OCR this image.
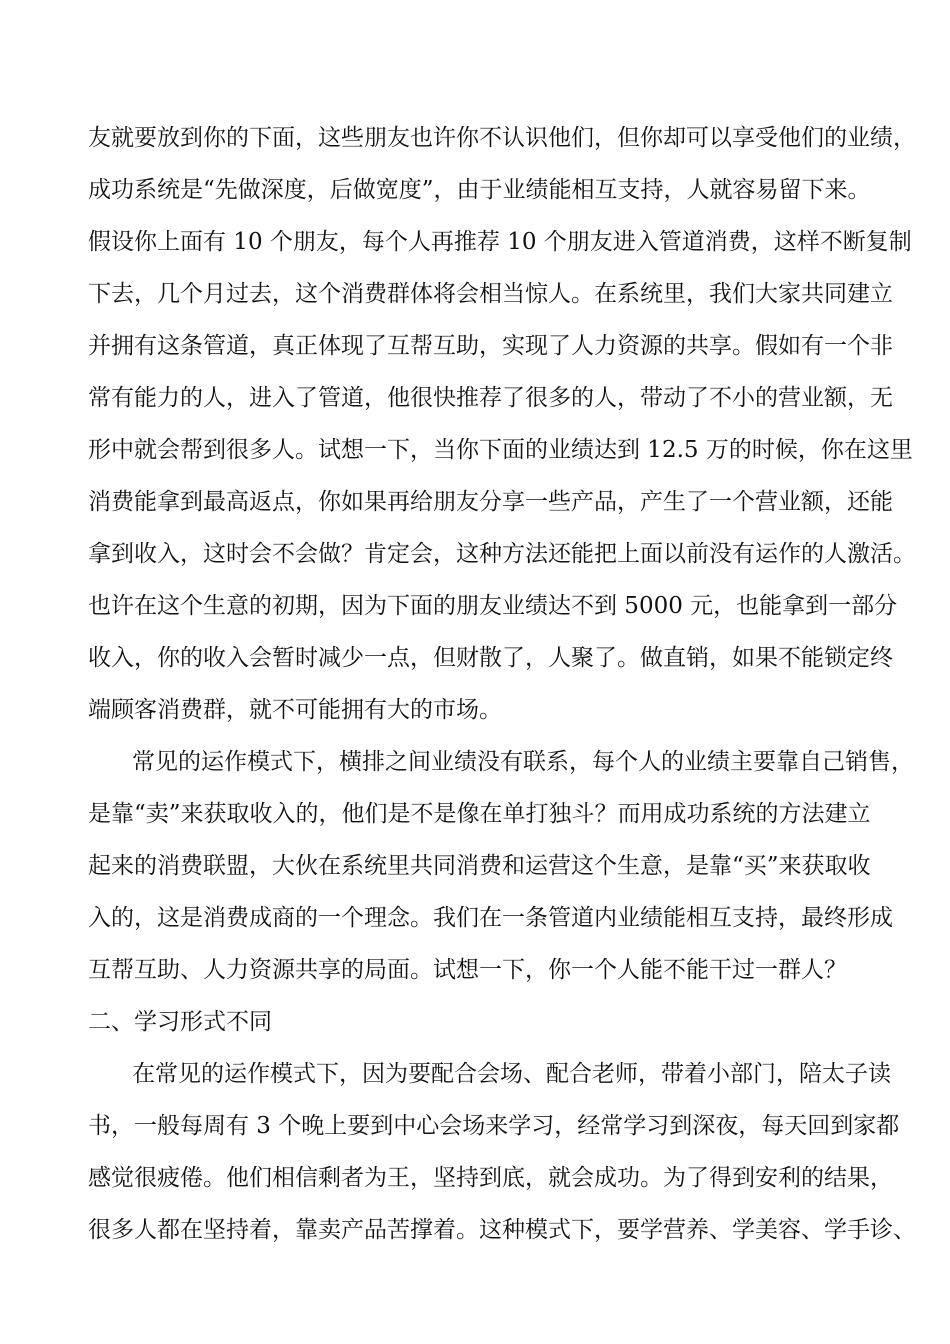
友就要放到你的下面，这些朋友也许你不认识他们，但你却可以享受他们的业绩，
成功系统是“先做深度，后做宽度”，由于业绩能相互支持，人就容易留下来。
假设你上面有 10 个朋友，每个人再推荐 10 个朋友进入管道消费，这样不断复制
下去，几个月过去，这个消费群体将会相当惊人。在系统里，我们大家共同建立
并拥有这条管道，真正体现了互帮互助，实现了人力资源的共享。假如有一个非
常有能力的人，进入了管道，他很快推荐了很多的人，带动了不小的营业额，无
形中就会帮到很多人。试想一下，当你下面的业绩达到 12.5 万的时候，你在这里
消费能拿到最高返点，你如果再给朋友分享一些产品，产生了一个营业额，还能
拿到收入，这时会不会做？肯定会，这种方法还能把上面以前没有运作的人激活。
也许在这个生意的初期，因为下面的朋友业绩达不到 5000 元，也能拿到一部分
收入，你的收入会暂时减少一点，但财散了，人聚了。做直销，如果不能锁定终
端顾客消费群，就不可能拥有大的市场。
常见的运作模式下，横排之间业绩没有联系，每个人的业绩主要靠自己销售，
是靠“卖”来获取收入的，他们是不是像在单打独斗？而用成功系统的方法建立
起来的消费联盟，大伙在系统里共同消费和运营这个生意，是靠“买”来获取收
入的，这是消费成商的一个理念。我们在一条管道内业绩能相互支持，最终形成
互帮互助、人力资源共享的局面。试想一下，你一个人能不能干过一群人？
二、学习形式不同
在常见的运作模式下，因为要配合会场、配合老师，带着小部门，陪太子读
书，一般每周有 3 个晚上要到中心会场来学习，经常学习到深夜，每天回到家都
感觉很疲倦。他们相信剩者为王，坚持到底，就会成功。为了得到安利的结果，
很多人都在坚持着，靠卖产品苦撑着。这种模式下，要学营养、学美容、学手诊、
